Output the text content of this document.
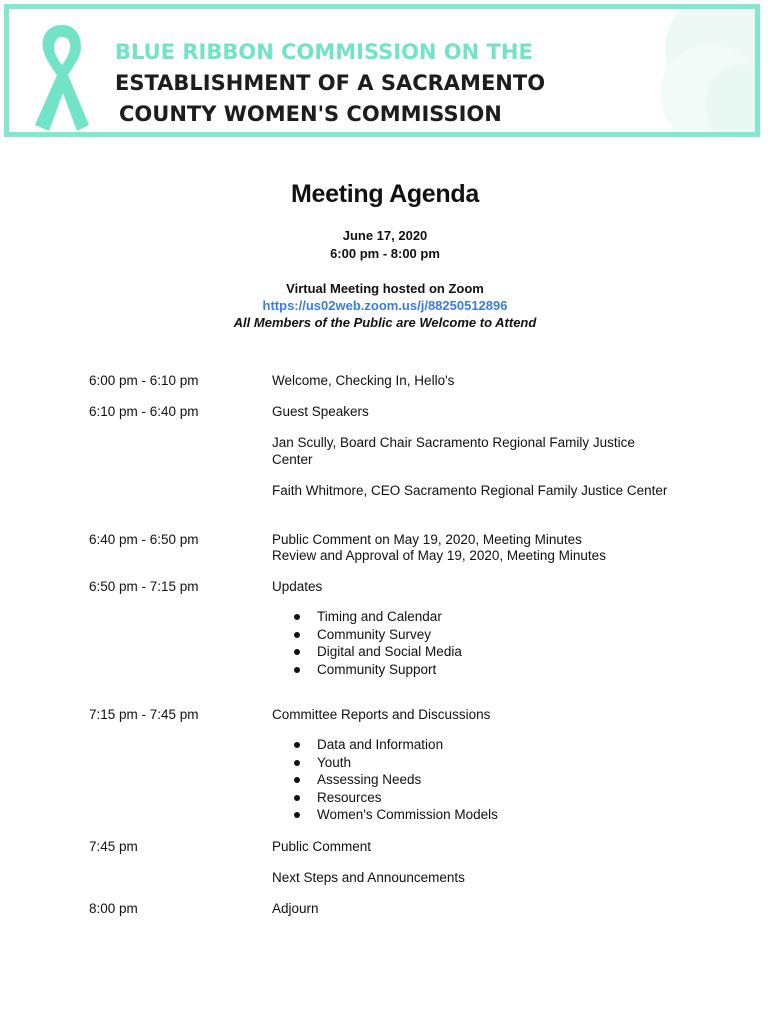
BLUE RIBBON COMMISSION ON THE
ESTABLISHMENT OF A SACRAMENTO
COUNTY WOMEN'S COMMISSION
Meeting Agenda
June 17, 2020
6:00 pm - 8:00 pm
Virtual Meeting hosted on Zoom
https://us02web.zoom.us/j/88250512896
All Members of the Public are Welcome to Attend
6:00 pm - 6:10 pm	Welcome, Checking In, Hello's
6:10 pm - 6:40 pm	Guest Speakers
Jan Scully, Board Chair Sacramento Regional Family Justice Center
Faith Whitmore, CEO Sacramento Regional Family Justice Center
6:40 pm - 6:50 pm	Public Comment on May 19, 2020, Meeting Minutes
Review and Approval of May 19, 2020, Meeting Minutes
6:50 pm - 7:15 pm	Updates
Timing and Calendar
Community Survey
Digital and Social Media
Community Support
7:15 pm - 7:45 pm	Committee Reports and Discussions
Data and Information
Youth
Assessing Needs
Resources
Women's Commission Models
7:45 pm	Public Comment
Next Steps and Announcements
8:00 pm	Adjourn
